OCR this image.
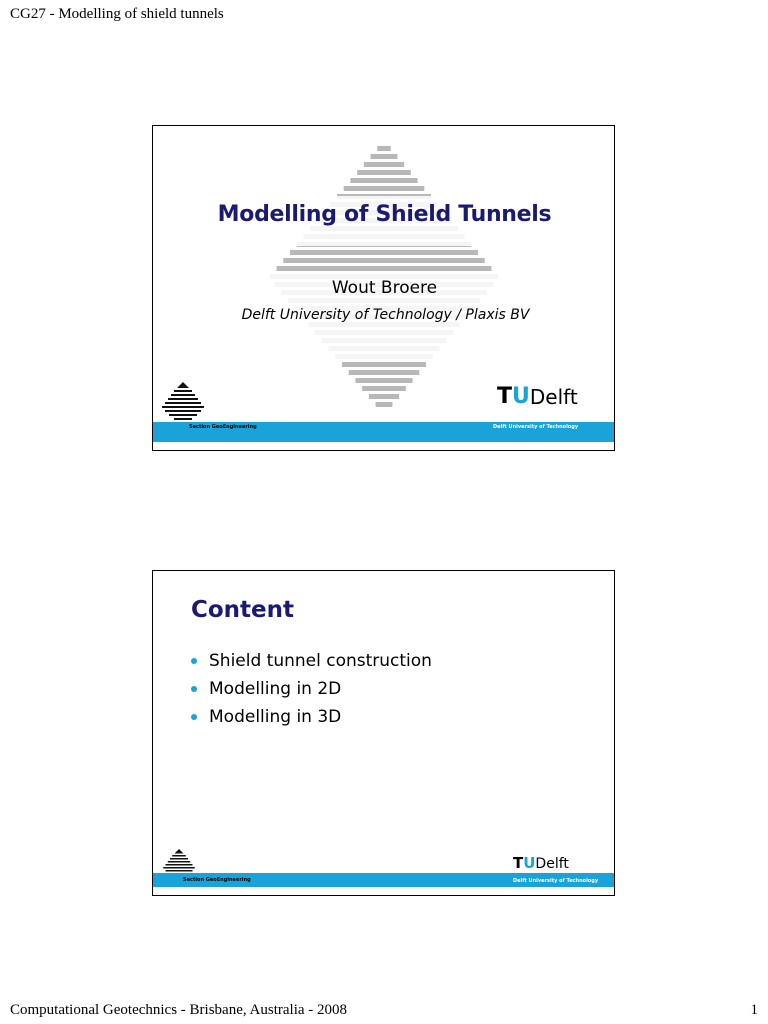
CG27 - Modelling of shield tunnels
Modelling of Shield Tunnels
Wout Broere
Delft University of Technology / Plaxis BV
T U Delft
Section GeoEngineering	Delft University of Technology
Content
Shield tunnel construction
Modelling in 2D
Modelling in 3D
T U Delft
Section GeoEngineering	Delft University of Technology
Computational Geotechnics - Brisbane, Australia - 2008	1
